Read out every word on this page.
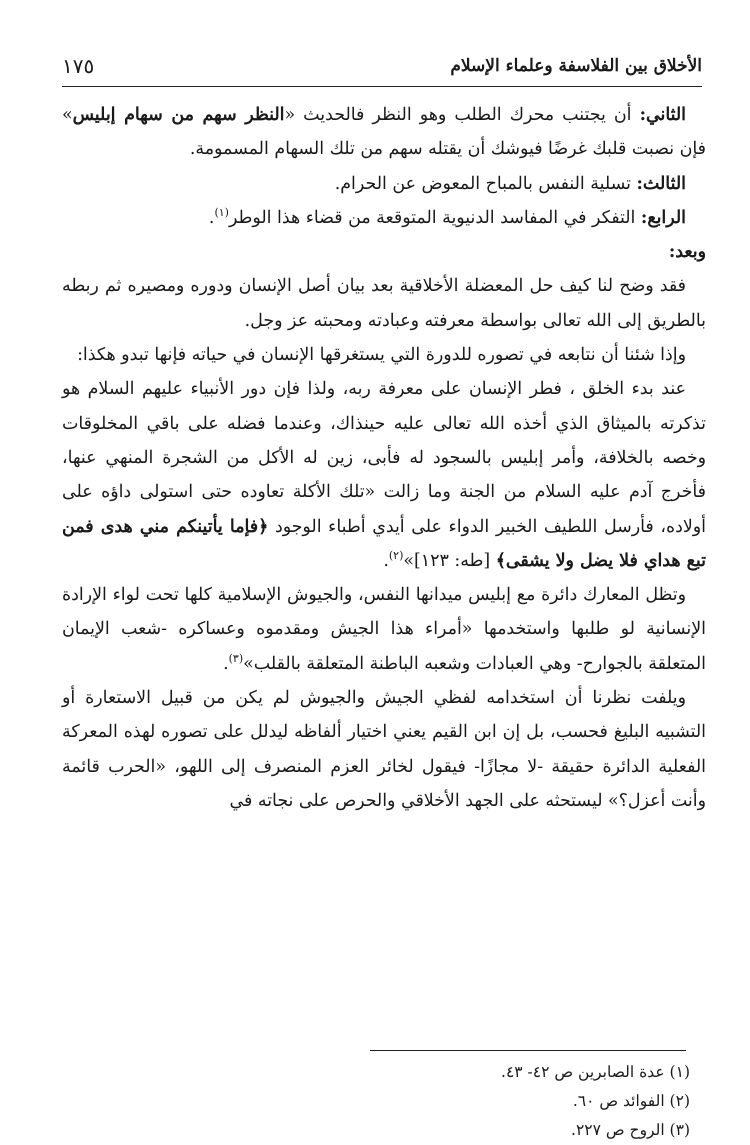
الأخلاق بين الفلاسفة وعلماء الإسلام
١٧٥

الثاني: أن يجتنب محرك الطلب وهو النظر فالحديث «النظر سهم من سهام إبليس» فإن نصبت قلبك غرضًا فيوشك أن يقتله سهم من تلك السهام المسمومة.

الثالث: تسلية النفس بالمباح المعوض عن الحرام.

الرابع: التفكر في المفاسد الدنيوية المتوقعة من قضاء هذا الوطر$^{(١)}$.

وبعد:

فقد وضح لنا كيف حل المعضلة الأخلاقية بعد بيان أصل الإنسان ودوره ومصيره ثم ربطه بالطريق إلى الله تعالى بواسطة معرفته وعبادته ومحبته عز وجل.

وإذا شئنا أن نتابعه في تصوره للدورة التي يستغرقها الإنسان في حياته فإنها تبدو هكذا:

عند بدء الخلق ، فطر الإنسان على معرفة ربه، ولذا فإن دور الأنبياء عليهم السلام هو تذكرته بالميثاق الذي أخذه الله تعالى عليه حينذاك، وعندما فضله على باقي المخلوقات وخصه بالخلافة، وأمر إبليس بالسجود له فأبى، زين له الأكل من الشجرة المنهي عنها، فأخرج آدم عليه السلام من الجنة وما زالت «تلك الأكلة تعاوده حتى استولى داؤه على أولاده، فأرسل اللطيف الخبير الدواء على أيدي أطباء الوجود ﴿فإما يأتينكم مني هدى فمن تبع هداي فلا يضل ولا يشقى﴾ [طه: ١٢٣]»$^{(٢)}$.

وتظل المعارك دائرة مع إبليس ميدانها النفس، والجيوش الإسلامية كلها تحت لواء الإرادة الإنسانية لو طلبها واستخدمها «أمراء هذا الجيش ومقدموه وعساكره -شعب الإيمان المتعلقة بالجوارح- وهي العبادات وشعبه الباطنة المتعلقة بالقلب»$^{(٣)}$.

ويلفت نظرنا أن استخدامه لفظي الجيش والجيوش لم يكن من قبيل الاستعارة أو التشبيه البليغ فحسب، بل إن ابن القيم يعني اختيار ألفاظه ليدلل على تصوره لهذه المعركة الفعلية الدائرة حقيقة -لا مجازًا- فيقول لخائر العزم المنصرف إلى اللهو، «الحرب قائمة وأنت أعزل؟» ليستحثه على الجهد الأخلاقي والحرص على نجاته في

(١) عدة الصابرين ص ٤٢- ٤٣.

(٢) الفوائد ص ٦٠.

(٣) الروح ص ٢٢٧.
